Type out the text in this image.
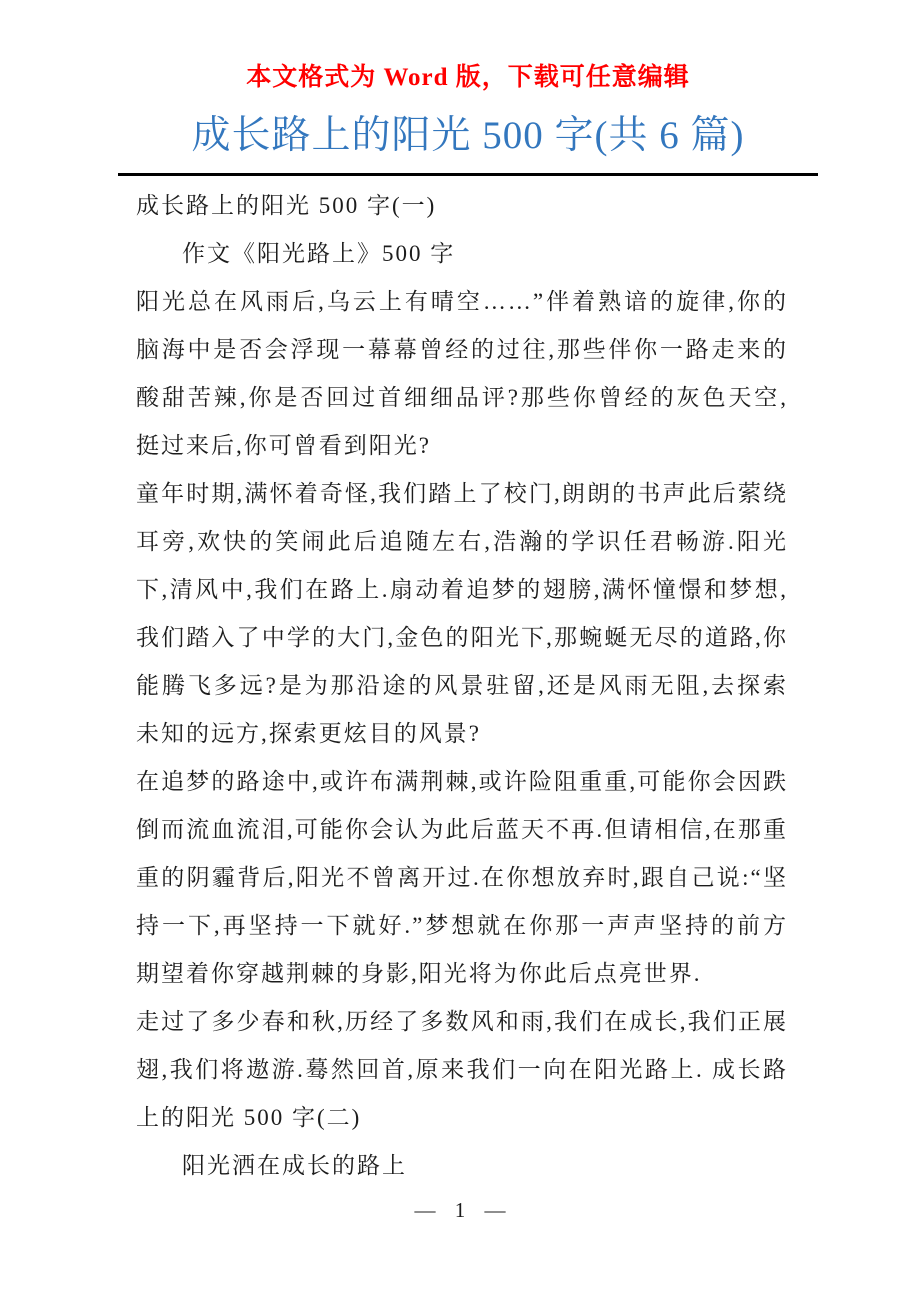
本文格式为 Word 版，下载可任意编辑
成长路上的阳光 500 字(共 6 篇)

成长路上的阳光 500 字(一)

作文《阳光路上》500 字

阳光总在风雨后,乌云上有晴空……”伴着熟谙的旋律,你的脑海中是否会浮现一幕幕曾经的过往,那些伴你一路走来的酸甜苦辣,你是否回过首细细品评?那些你曾经的灰色天空,挺过来后,你可曾看到阳光?

童年时期,满怀着奇怪,我们踏上了校门,朗朗的书声此后萦绕耳旁,欢快的笑闹此后追随左右,浩瀚的学识任君畅游.阳光下,清风中,我们在路上.扇动着追梦的翅膀,满怀憧憬和梦想,我们踏入了中学的大门,金色的阳光下,那蜿蜒无尽的道路,你能腾飞多远?是为那沿途的风景驻留,还是风雨无阻,去探索未知的远方,探索更炫目的风景?

在追梦的路途中,或许布满荆棘,或许险阻重重,可能你会因跌倒而流血流泪,可能你会认为此后蓝天不再.但请相信,在那重重的阴霾背后,阳光不曾离开过.在你想放弃时,跟自己说:“坚持一下,再坚持一下就好.”梦想就在你那一声声坚持的前方期望着你穿越荆棘的身影,阳光将为你此后点亮世界.

走过了多少春和秋,历经了多数风和雨,我们在成长,我们正展翅,我们将遨游.蓦然回首,原来我们一向在阳光路上. 成长路上的阳光 500 字(二)

阳光洒在成长的路上

— 1 —
